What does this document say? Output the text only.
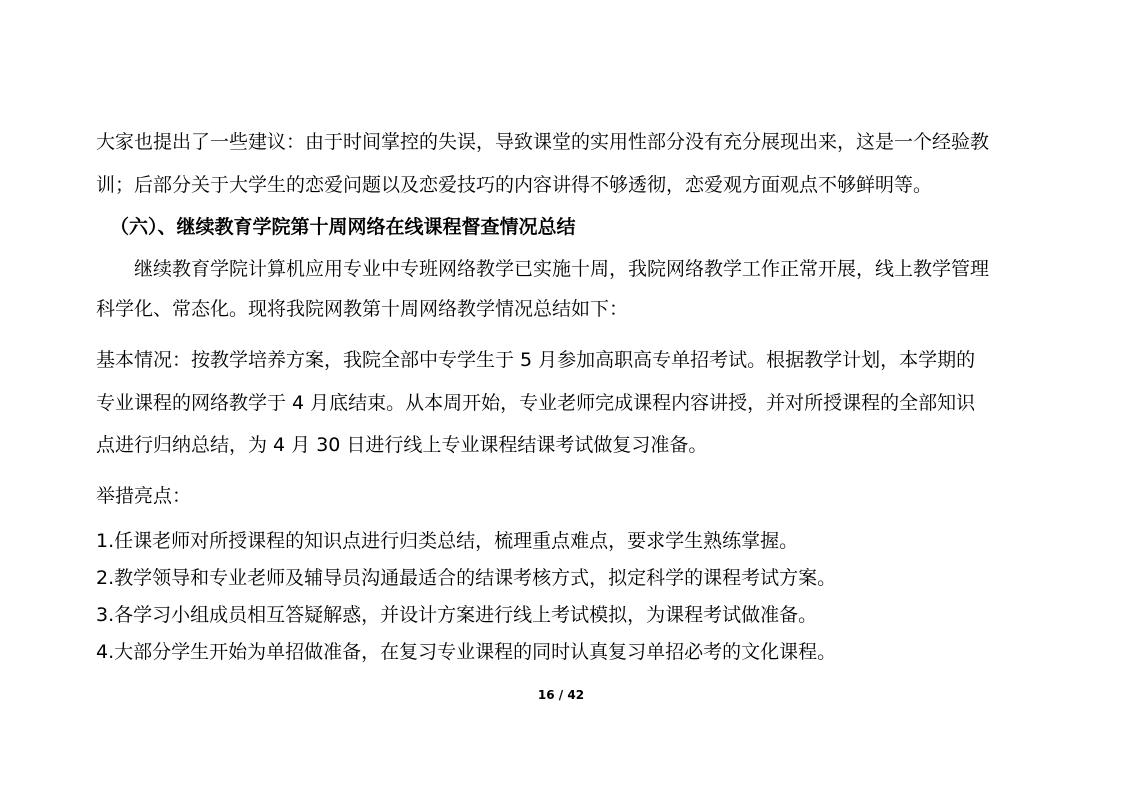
大家也提出了一些建议：由于时间掌控的失误，导致课堂的实用性部分没有充分展现出来，这是一个经验教
训；后部分关于大学生的恋爱问题以及恋爱技巧的内容讲得不够透彻，恋爱观方面观点不够鲜明等。
（六）、继续教育学院第十周网络在线课程督查情况总结
继续教育学院计算机应用专业中专班网络教学已实施十周，我院网络教学工作正常开展，线上教学管理
科学化、常态化。现将我院网教第十周网络教学情况总结如下：
基本情况：按教学培养方案，我院全部中专学生于 5 月参加高职高专单招考试。根据教学计划，本学期的
专业课程的网络教学于 4 月底结束。从本周开始，专业老师完成课程内容讲授，并对所授课程的全部知识
点进行归纳总结，为 4 月 30 日进行线上专业课程结课考试做复习准备。
举措亮点：
1.任课老师对所授课程的知识点进行归类总结，梳理重点难点，要求学生熟练掌握。
2.教学领导和专业老师及辅导员沟通最适合的结课考核方式，拟定科学的课程考试方案。
3.各学习小组成员相互答疑解惑，并设计方案进行线上考试模拟，为课程考试做准备。
4.大部分学生开始为单招做准备，在复习专业课程的同时认真复习单招必考的文化课程。
16 / 42
